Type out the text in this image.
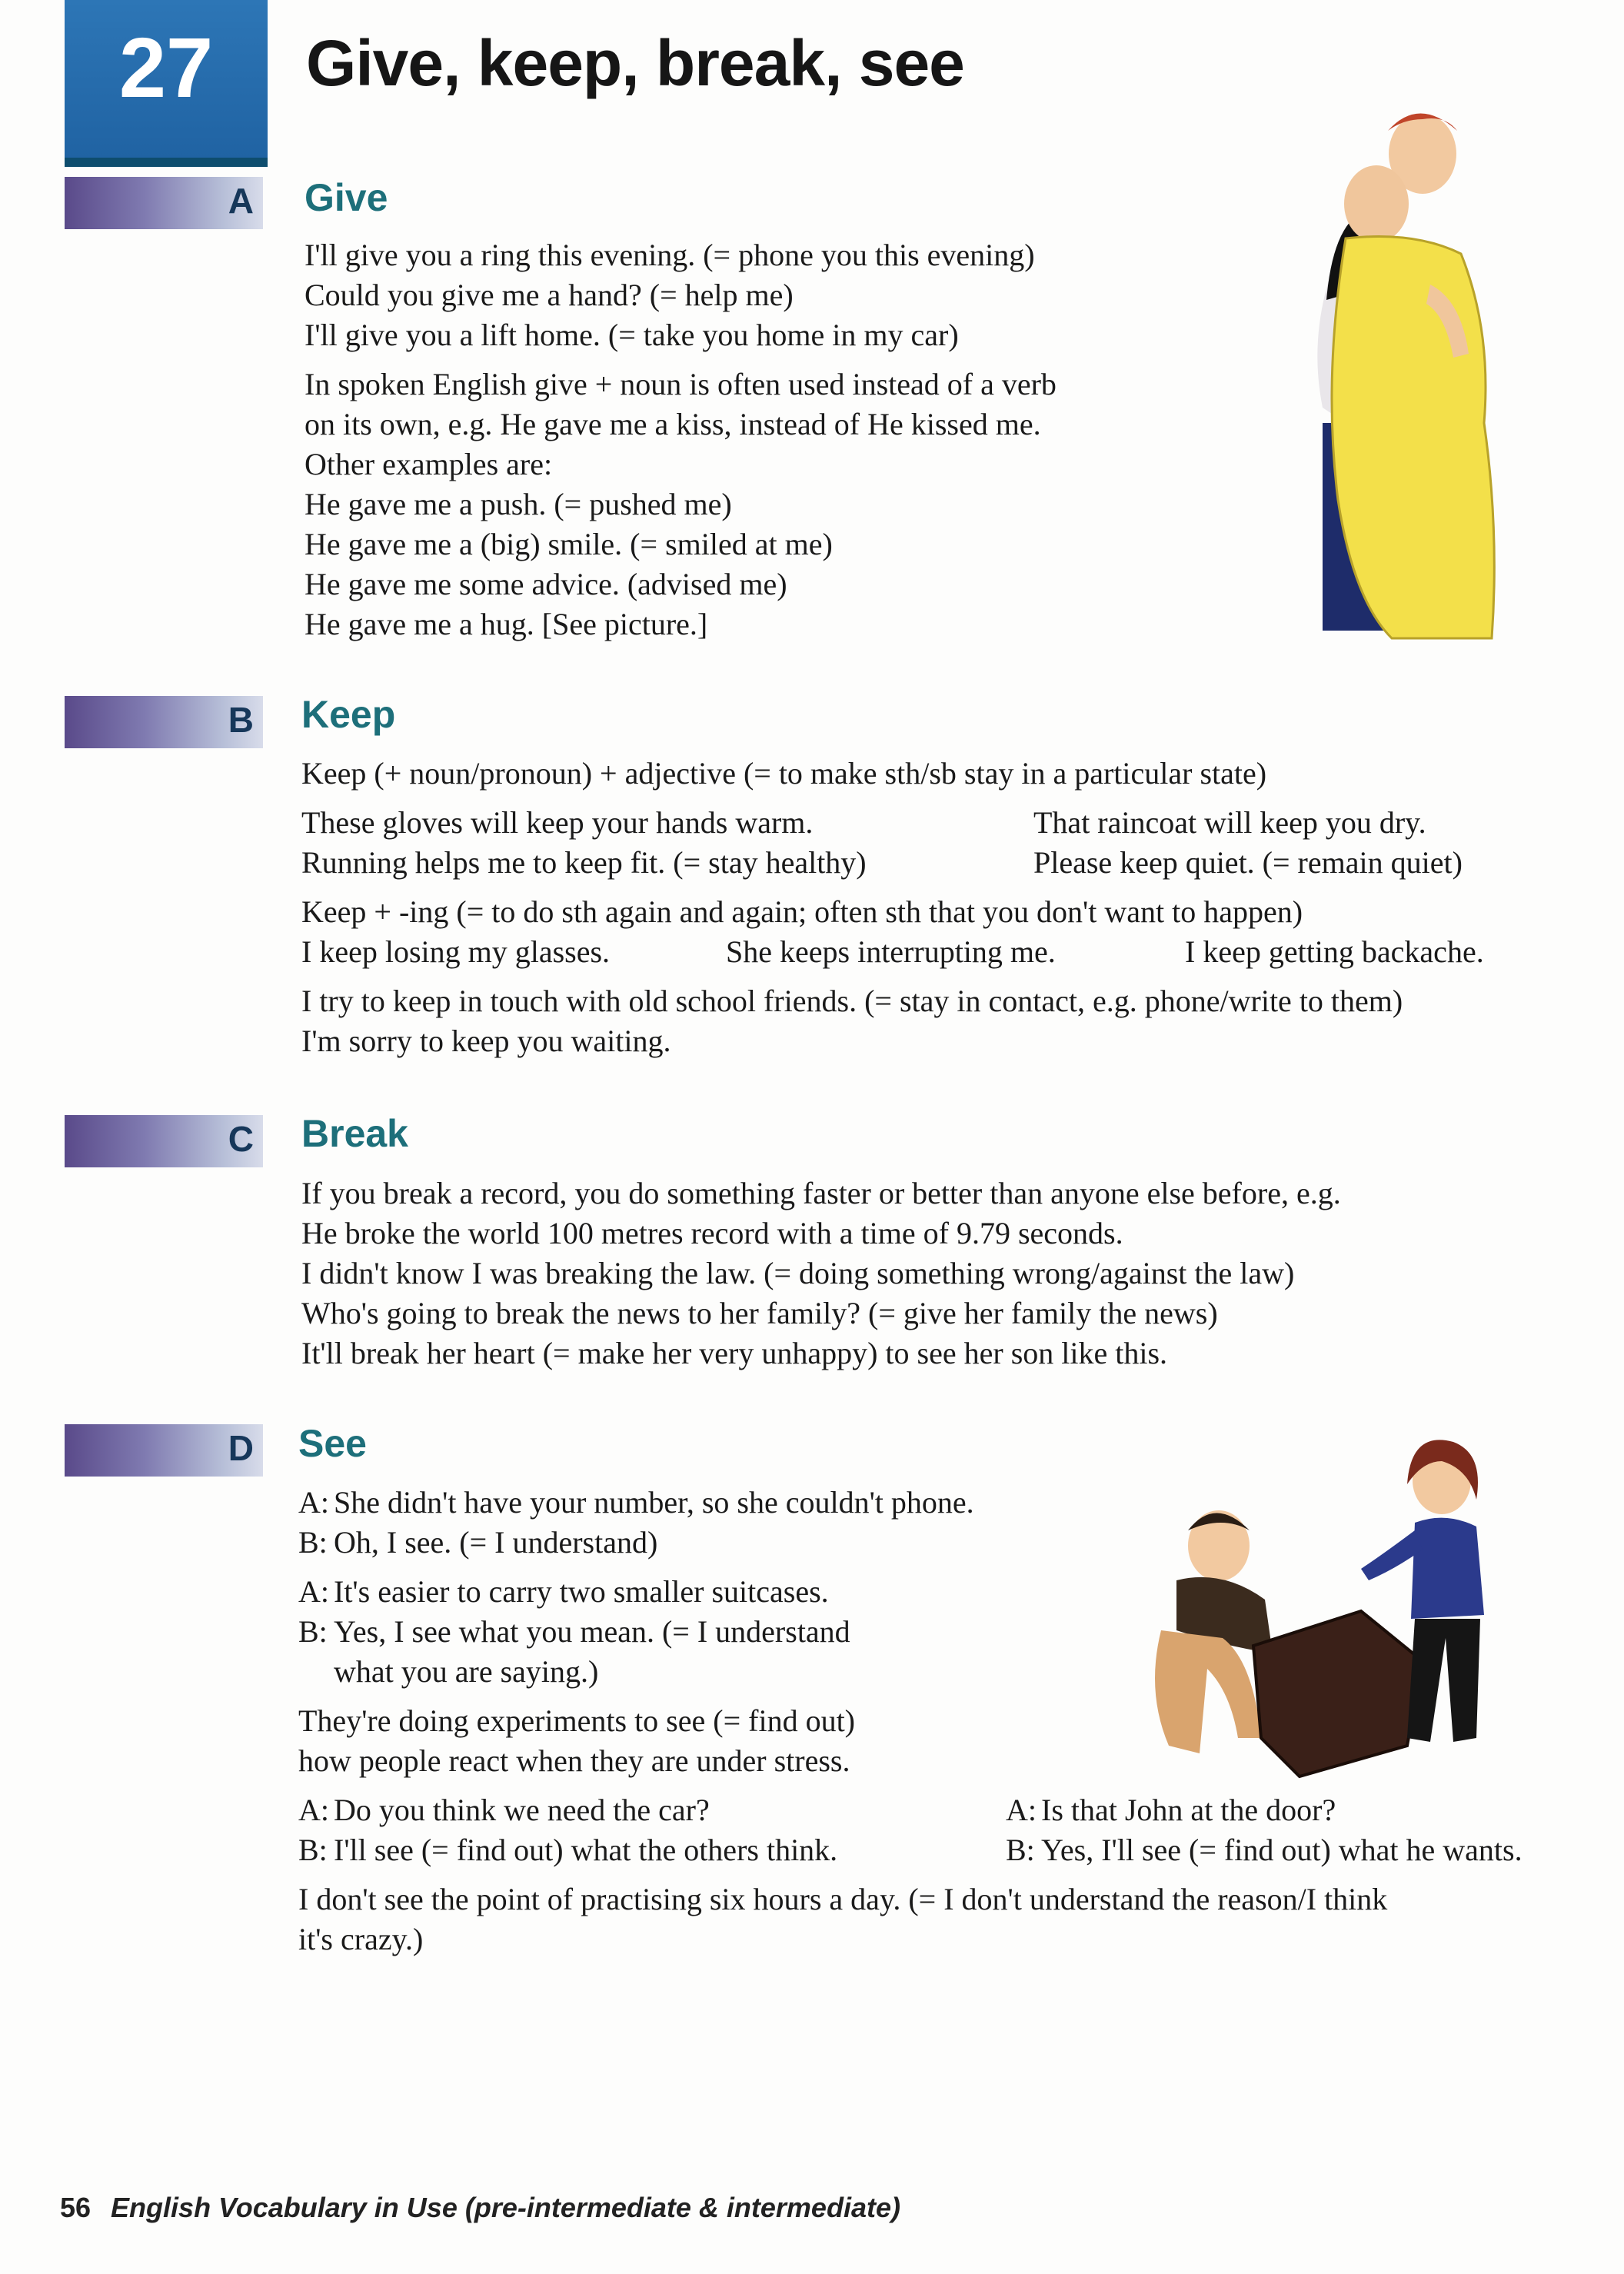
27	Give, keep, break, see
A Give

I'll give you a ring this evening. (= phone you this evening)

Could you give me a hand? (= help me)

I'll give you a lift home. (= take you home in my car)

In spoken English give + noun is often used instead of a verb

on its own, e.g. He gave me a kiss, instead of He kissed me.

Other examples are:

He gave me a push. (= pushed me)

He gave me a (big) smile. (= smiled at me)

He gave me some advice. (advised me)

He gave me a hug. [See picture.]

B Keep

Keep (+ noun/pronoun) + adjective (= to make sth/sb stay in a particular state)

These gloves will keep your hands warm.

Running helps me to keep fit. (= stay healthy)

That raincoat will keep you dry.

Please keep quiet. (= remain quiet)

Keep + -ing (= to do sth again and again; often sth that you don't want to happen)

I keep losing my glasses.	She keeps interrupting me.	I keep getting backache.

I try to keep in touch with old school friends. (= stay in contact, e.g. phone/write to them)

I'm sorry to keep you waiting.

C Break

If you break a record, you do something faster or better than anyone else before, e.g.

He broke the world 100 metres record with a time of 9.79 seconds.

I didn't know I was breaking the law. (= doing something wrong/against the law)

Who's going to break the news to her family? (= give her family the news)

It'll break her heart (= make her very unhappy) to see her son like this.

D See

A: She didn't have your number, so she couldn't phone.

B: Oh, I see. (= I understand)

A: It's easier to carry two smaller suitcases.

B: Yes, I see what you mean. (= I understand

what you are saying.)

They're doing experiments to see (= find out)

how people react when they are under stress.

A: Do you think we need the car?

B: I'll see (= find out) what the others think.

A: Is that John at the door?

B: Yes, I'll see (= find out) what he wants.

I don't see the point of practising six hours a day. (= I don't understand the reason/I think

it's crazy.)

56 English Vocabulary in Use (pre-intermediate & intermediate)
